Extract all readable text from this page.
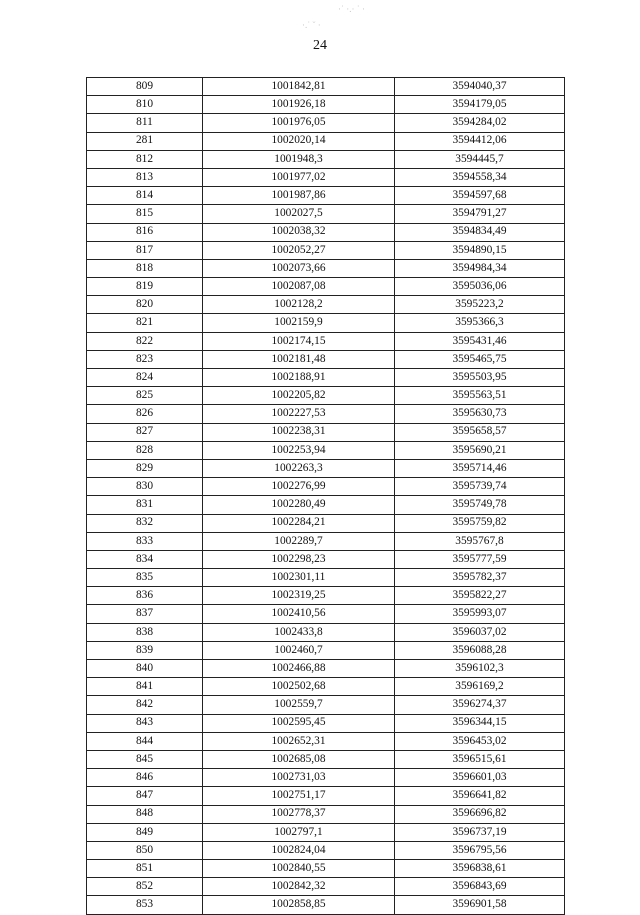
·˙ ·.· ˙ ·
·.˙ ˘ ·
24
809	1001842,81	3594040,37
810	1001926,18	3594179,05
811	1001976,05	3594284,02
281	1002020,14	3594412,06
812	1001948,3	3594445,7
813	1001977,02	3594558,34
814	1001987,86	3594597,68
815	1002027,5	3594791,27
816	1002038,32	3594834,49
817	1002052,27	3594890,15
818	1002073,66	3594984,34
819	1002087,08	3595036,06
820	1002128,2	3595223,2
821	1002159,9	3595366,3
822	1002174,15	3595431,46
823	1002181,48	3595465,75
824	1002188,91	3595503,95
825	1002205,82	3595563,51
826	1002227,53	3595630,73
827	1002238,31	3595658,57
828	1002253,94	3595690,21
829	1002263,3	3595714,46
830	1002276,99	3595739,74
831	1002280,49	3595749,78
832	1002284,21	3595759,82
833	1002289,7	3595767,8
834	1002298,23	3595777,59
835	1002301,11	3595782,37
836	1002319,25	3595822,27
837	1002410,56	3595993,07
838	1002433,8	3596037,02
839	1002460,7	3596088,28
840	1002466,88	3596102,3
841	1002502,68	3596169,2
842	1002559,7	3596274,37
843	1002595,45	3596344,15
844	1002652,31	3596453,02
845	1002685,08	3596515,61
846	1002731,03	3596601,03
847	1002751,17	3596641,82
848	1002778,37	3596696,82
849	1002797,1	3596737,19
850	1002824,04	3596795,56
851	1002840,55	3596838,61
852	1002842,32	3596843,69
853	1002858,85	3596901,58
